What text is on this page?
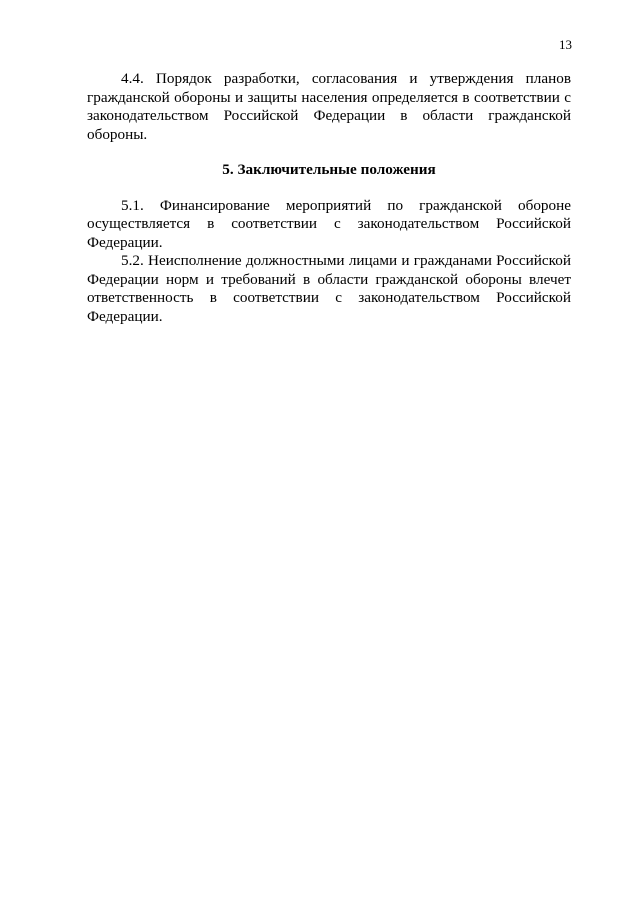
13

4.4. Порядок разработки, согласования и утверждения планов гражданской обороны и защиты населения определяется в соответствии с законодательством Российской Федерации в области гражданской обороны.

5. Заключительные положения

5.1. Финансирование мероприятий по гражданской обороне осуществляется в соответствии с законодательством Российской Федерации.

5.2. Неисполнение должностными лицами и гражданами Российской Федерации норм и требований в области гражданской обороны влечет ответственность в соответствии с законодательством Российской Федерации.
